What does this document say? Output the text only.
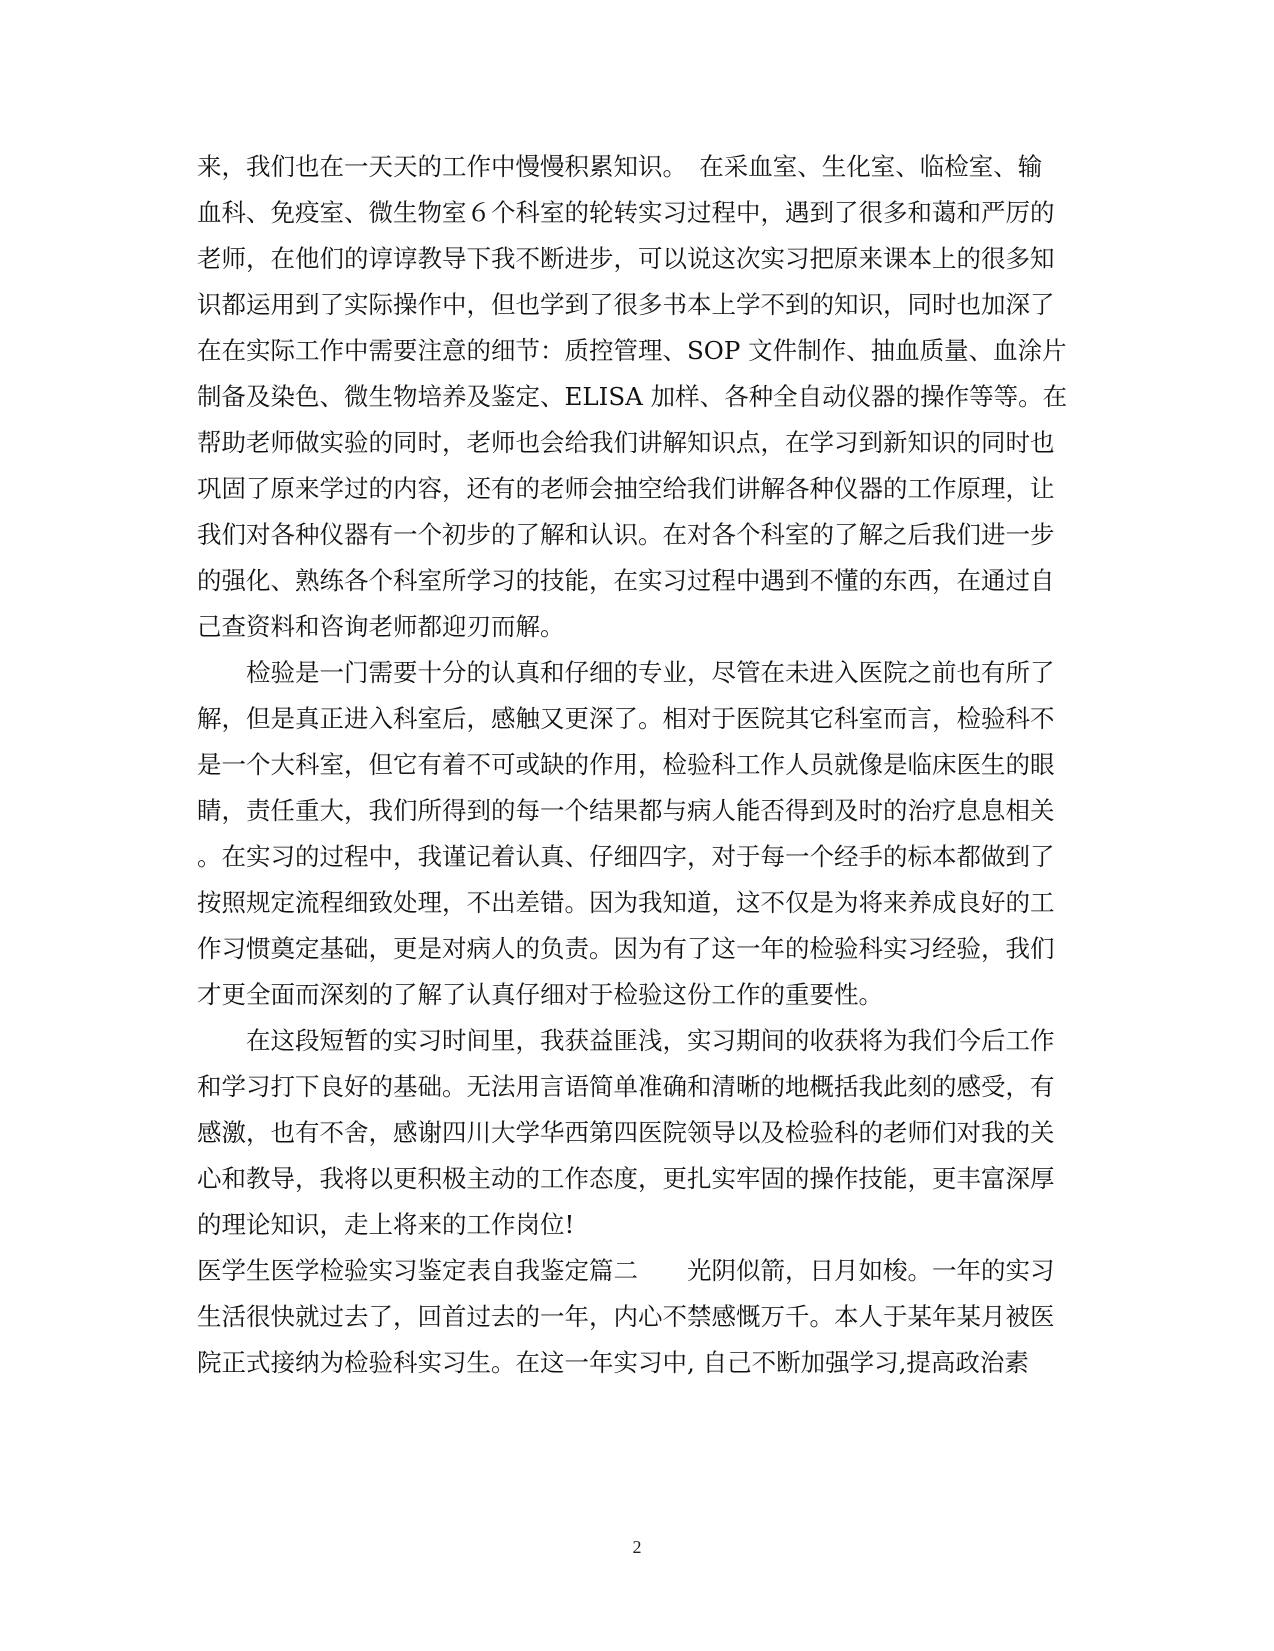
来，我们也在一天天的工作中慢慢积累知识。　在采血室、生化室、临检室、输
血科、免疫室、微生物室６个科室的轮转实习过程中，遇到了很多和蔼和严厉的
老师，在他们的谆谆教导下我不断进步，可以说这次实习把原来课本上的很多知
识都运用到了实际操作中，但也学到了很多书本上学不到的知识，同时也加深了
在在实际工作中需要注意的细节：质控管理、SOP 文件制作、抽血质量、血涂片
制备及染色、微生物培养及鉴定、ELISA 加样、各种全自动仪器的操作等等。在
帮助老师做实验的同时，老师也会给我们讲解知识点，在学习到新知识的同时也
巩固了原来学过的内容，还有的老师会抽空给我们讲解各种仪器的工作原理，让
我们对各种仪器有一个初步的了解和认识。在对各个科室的了解之后我们进一步
的强化、熟练各个科室所学习的技能，在实习过程中遇到不懂的东西，在通过自
己查资料和咨询老师都迎刃而解。
检验是一门需要十分的认真和仔细的专业，尽管在未进入医院之前也有所了
解，但是真正进入科室后，感触又更深了。相对于医院其它科室而言，检验科不
是一个大科室，但它有着不可或缺的作用，检验科工作人员就像是临床医生的眼
睛，责任重大，我们所得到的每一个结果都与病人能否得到及时的治疗息息相关
。在实习的过程中，我谨记着认真、仔细四字，对于每一个经手的标本都做到了
按照规定流程细致处理，不出差错。因为我知道，这不仅是为将来养成良好的工
作习惯奠定基础，更是对病人的负责。因为有了这一年的检验科实习经验，我们
才更全面而深刻的了解了认真仔细对于检验这份工作的重要性。
在这段短暂的实习时间里，我获益匪浅，实习期间的收获将为我们今后工作
和学习打下良好的基础。无法用言语简单准确和清晰的地概括我此刻的感受，有
感激，也有不舍，感谢四川大学华西第四医院领导以及检验科的老师们对我的关
心和教导，我将以更积极主动的工作态度，更扎实牢固的操作技能，更丰富深厚
的理论知识，走上将来的工作岗位!
医学生医学检验实习鉴定表自我鉴定篇二　　光阴似箭，日月如梭。一年的实习
生活很快就过去了，回首过去的一年，内心不禁感慨万千。本人于某年某月被医
院正式接纳为检验科实习生。在这一年实习中, 自己不断加强学习,提高政治素
2
